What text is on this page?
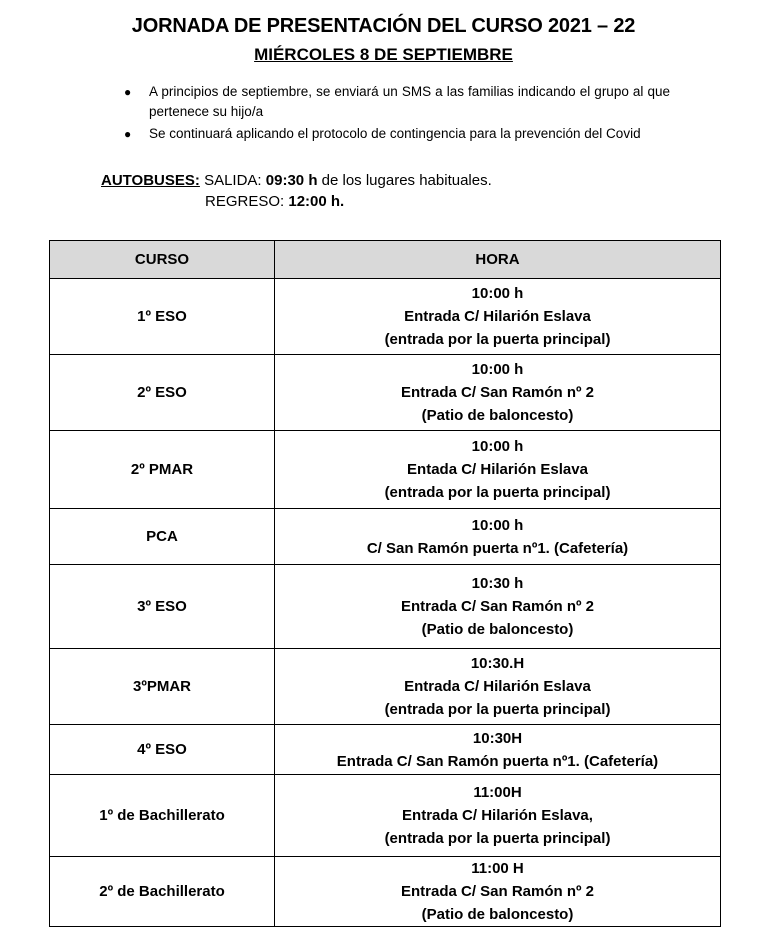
JORNADA DE PRESENTACIÓN DEL CURSO 2021 – 22
MIÉRCOLES 8 DE SEPTIEMBRE
● A principios de septiembre, se enviará un SMS a las familias indicando el grupo al que pertenece su hijo/a
● Se continuará aplicando el protocolo de contingencia para la prevención del Covid
AUTOBUSES: SALIDA: 09:30 h de los lugares habituales.
REGRESO: 12:00 h.
CURSO	HORA
1º ESO	10:00 h
Entrada C/ Hilarión Eslava
(entrada por la puerta principal)

2º ESO	10:00 h
Entrada C/ San Ramón nº 2
(Patio de baloncesto)

2º PMAR	10:00 h
Entada C/ Hilarión Eslava
(entrada por la puerta principal)

PCA	10:00 h
C/ San Ramón puerta nº1. (Cafetería)

3º ESO	10:30 h
Entrada C/ San Ramón nº 2
(Patio de baloncesto)

3ºPMAR	10:30.H
Entrada C/ Hilarión Eslava
(entrada por la puerta principal)

4º ESO	10:30H
Entrada C/ San Ramón puerta nº1. (Cafetería)

1º de Bachillerato	11:00H
Entrada C/ Hilarión Eslava,
(entrada por la puerta principal)

2º de Bachillerato	11:00 H
Entrada C/ San Ramón nº 2
(Patio de baloncesto)
